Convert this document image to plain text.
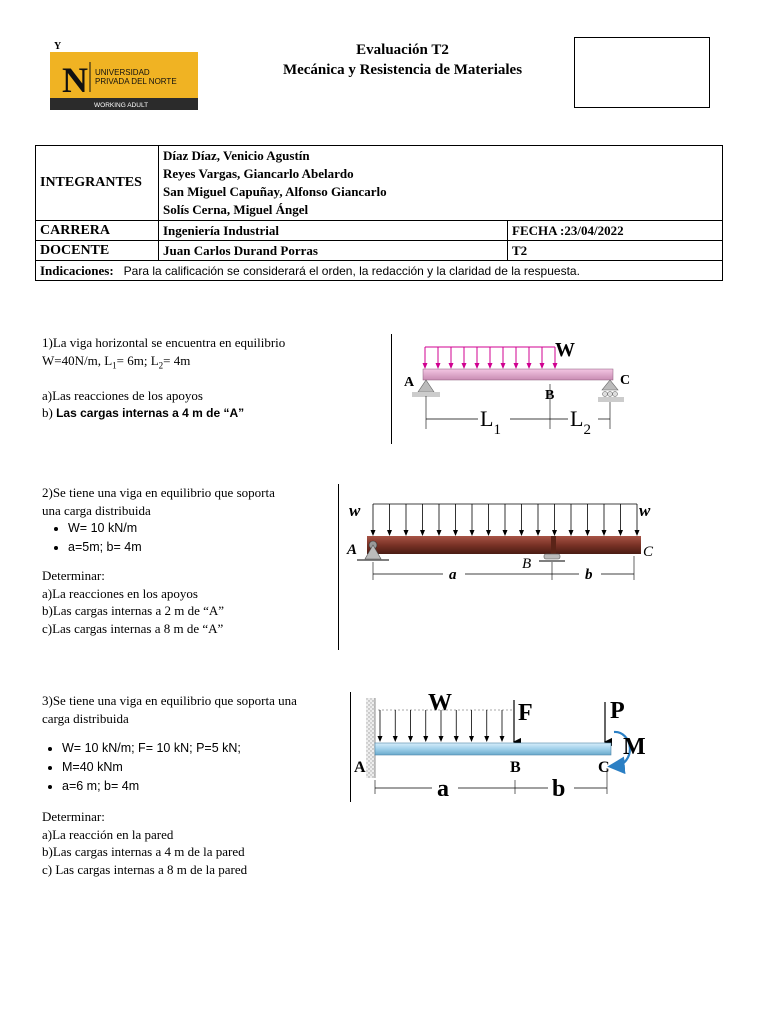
Y
N UNIVERSIDAD
PRIVADA DEL NORTE
WORKING ADULT
Evaluación T2
Mecánica y Resistencia de Materiales
INTEGRANTES	Díaz Díaz, Venicio Agustín
Reyes Vargas, Giancarlo Abelardo
San Miguel Capuñay, Alfonso Giancarlo
Solís Cerna, Miguel Ángel	

CARRERA	Ingeniería Industrial	FECHA :23/04/2022
DOCENTE	Juan Carlos Durand Porras	T2
Indicaciones: Para la calificación se considerará el orden, la redacción y la claridad de la respuesta.		

1)La viga horizontal se encuentra en equilibrio

W=40N/m, $L_1= 6m$; $L_2= 4m$

a)Las reacciones de los apoyos

b) Las cargas internas a 4 m de “A”

W
A
B
C
$L_1$	$L_2$

2)Se tiene una viga en equilibrio que soporta

una carga distribuida

• W= 10 kN/m
• a=5m; b= 4m

Determinar:

a)La reacciones en los apoyos

b)Las cargas internas a 2 m de “A”

c)Las cargas internas a 8 m de “A”

w	w
A
B
C
a	b

3)Se tiene una viga en equilibrio que soporta una

carga distribuida

• W= 10 kN/m; F= 10 kN; P=5 kN;
• M=40 kNm
• a=6 m; b= 4m

Determinar:

a)La reacción en la pared

b)Las cargas internas a 4 m de la pared

c) Las cargas internas a 8 m de la pared

W	F	P
M
A	B	C
a	b
